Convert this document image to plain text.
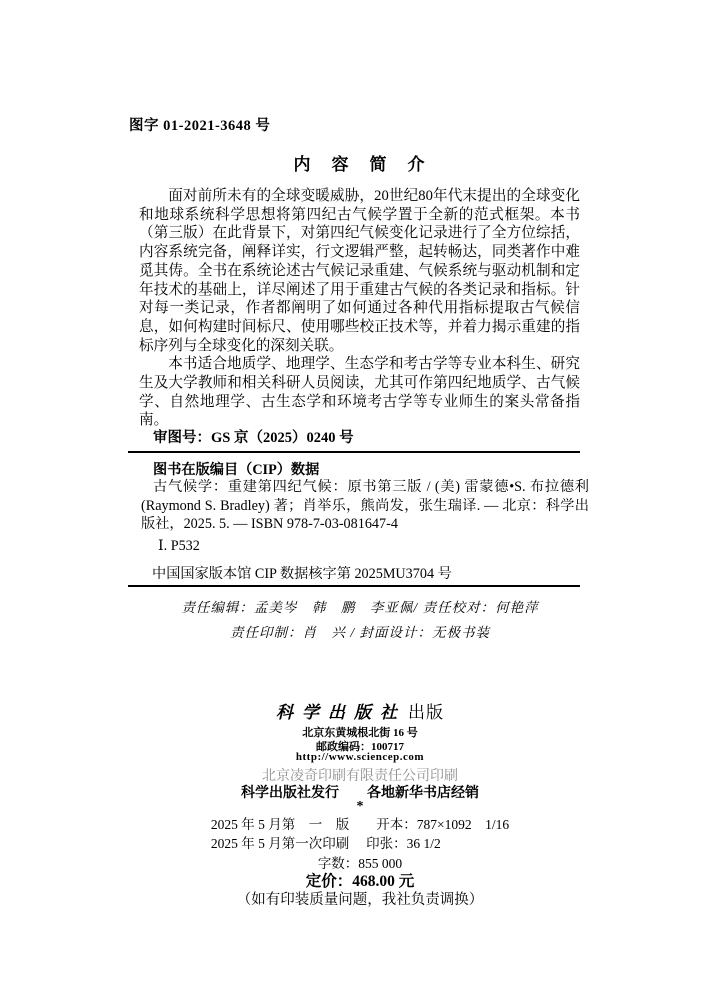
图字 01-2021-3648 号
内　容　简　介

面对前所未有的全球变暖威胁，20世纪80年代末提出的全球变化和地球系统科学思想将第四纪古气候学置于全新的范式框架。本书（第三版）在此背景下，对第四纪气候变化记录进行了全方位综括，内容系统完备，阐释详实，行文逻辑严整，起转畅达，同类著作中难觅其俦。全书在系统论述古气候记录重建、气候系统与驱动机制和定年技术的基础上，详尽阐述了用于重建古气候的各类记录和指标。针对每一类记录，作者都阐明了如何通过各种代用指标提取古气候信息，如何构建时间标尺、使用哪些校正技术等，并着力揭示重建的指标序列与全球变化的深刻关联。

本书适合地质学、地理学、生态学和考古学等专业本科生、研究生及大学教师和相关科研人员阅读，尤其可作第四纪地质学、古气候学、自然地理学、古生态学和环境考古学等专业师生的案头常备指南。

审图号：GS 京（2025）0240 号
图书在版编目（CIP）数据

古气候学：重建第四纪气候：原书第三版 / (美) 雷蒙德•S. 布拉德利(Raymond S. Bradley) 著；肖举乐，熊尚发，张生瑞译. — 北京：科学出版社，2025. 5. — ISBN 978-7-03-081647-4

Ⅰ. P532
中国国家版本馆 CIP 数据核字第 2025MU3704 号
责任编辑：孟美岑　韩　鹏　李亚佩/ 责任校对：何艳萍
责任印制：肖　兴 / 封面设计：无极书装
科学出版社 出版
北京东黄城根北街 16 号
邮政编码：100717
http://www.sciencep.com
北京凌奇印刷有限责任公司印刷
科学出版社发行　　各地新华书店经销
*
2025 年 5 月第　一　版　　开本：787×1092　1/16
2025 年 5 月第一次印刷　 印张：36 1/2
字数：855 000
定价：468.00 元
（如有印装质量问题，我社负责调换）
